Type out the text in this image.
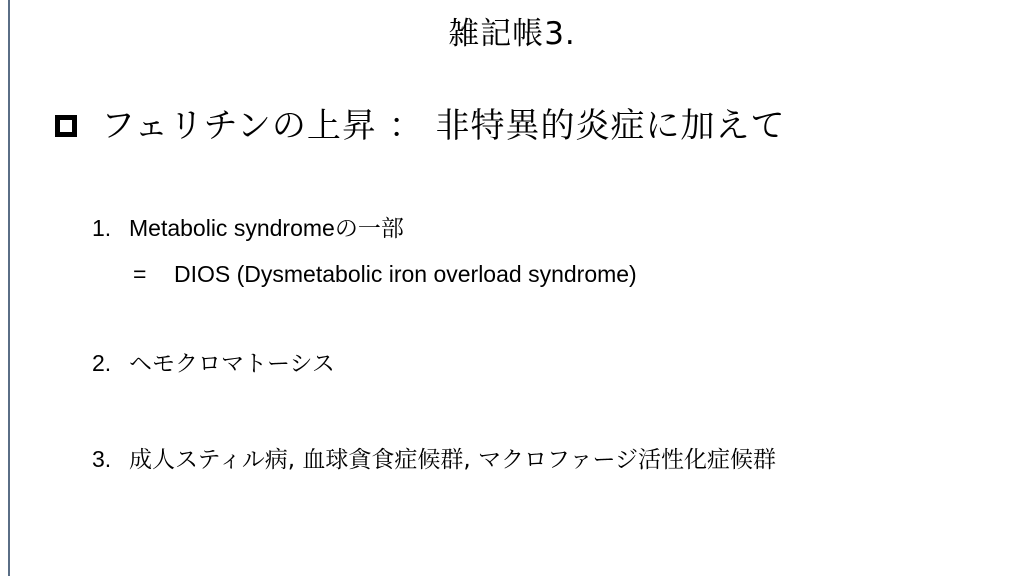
雑記帳3.
フェリチンの上昇 ： 非特異的炎症に加えて
1. Metabolic syndrome の一部
=	DIOS (Dysmetabolic iron overload syndrome)
2. ヘモクロマトーシス
3. 成人スティル病, 血球貪食症候群, マクロファージ活性化症候群
